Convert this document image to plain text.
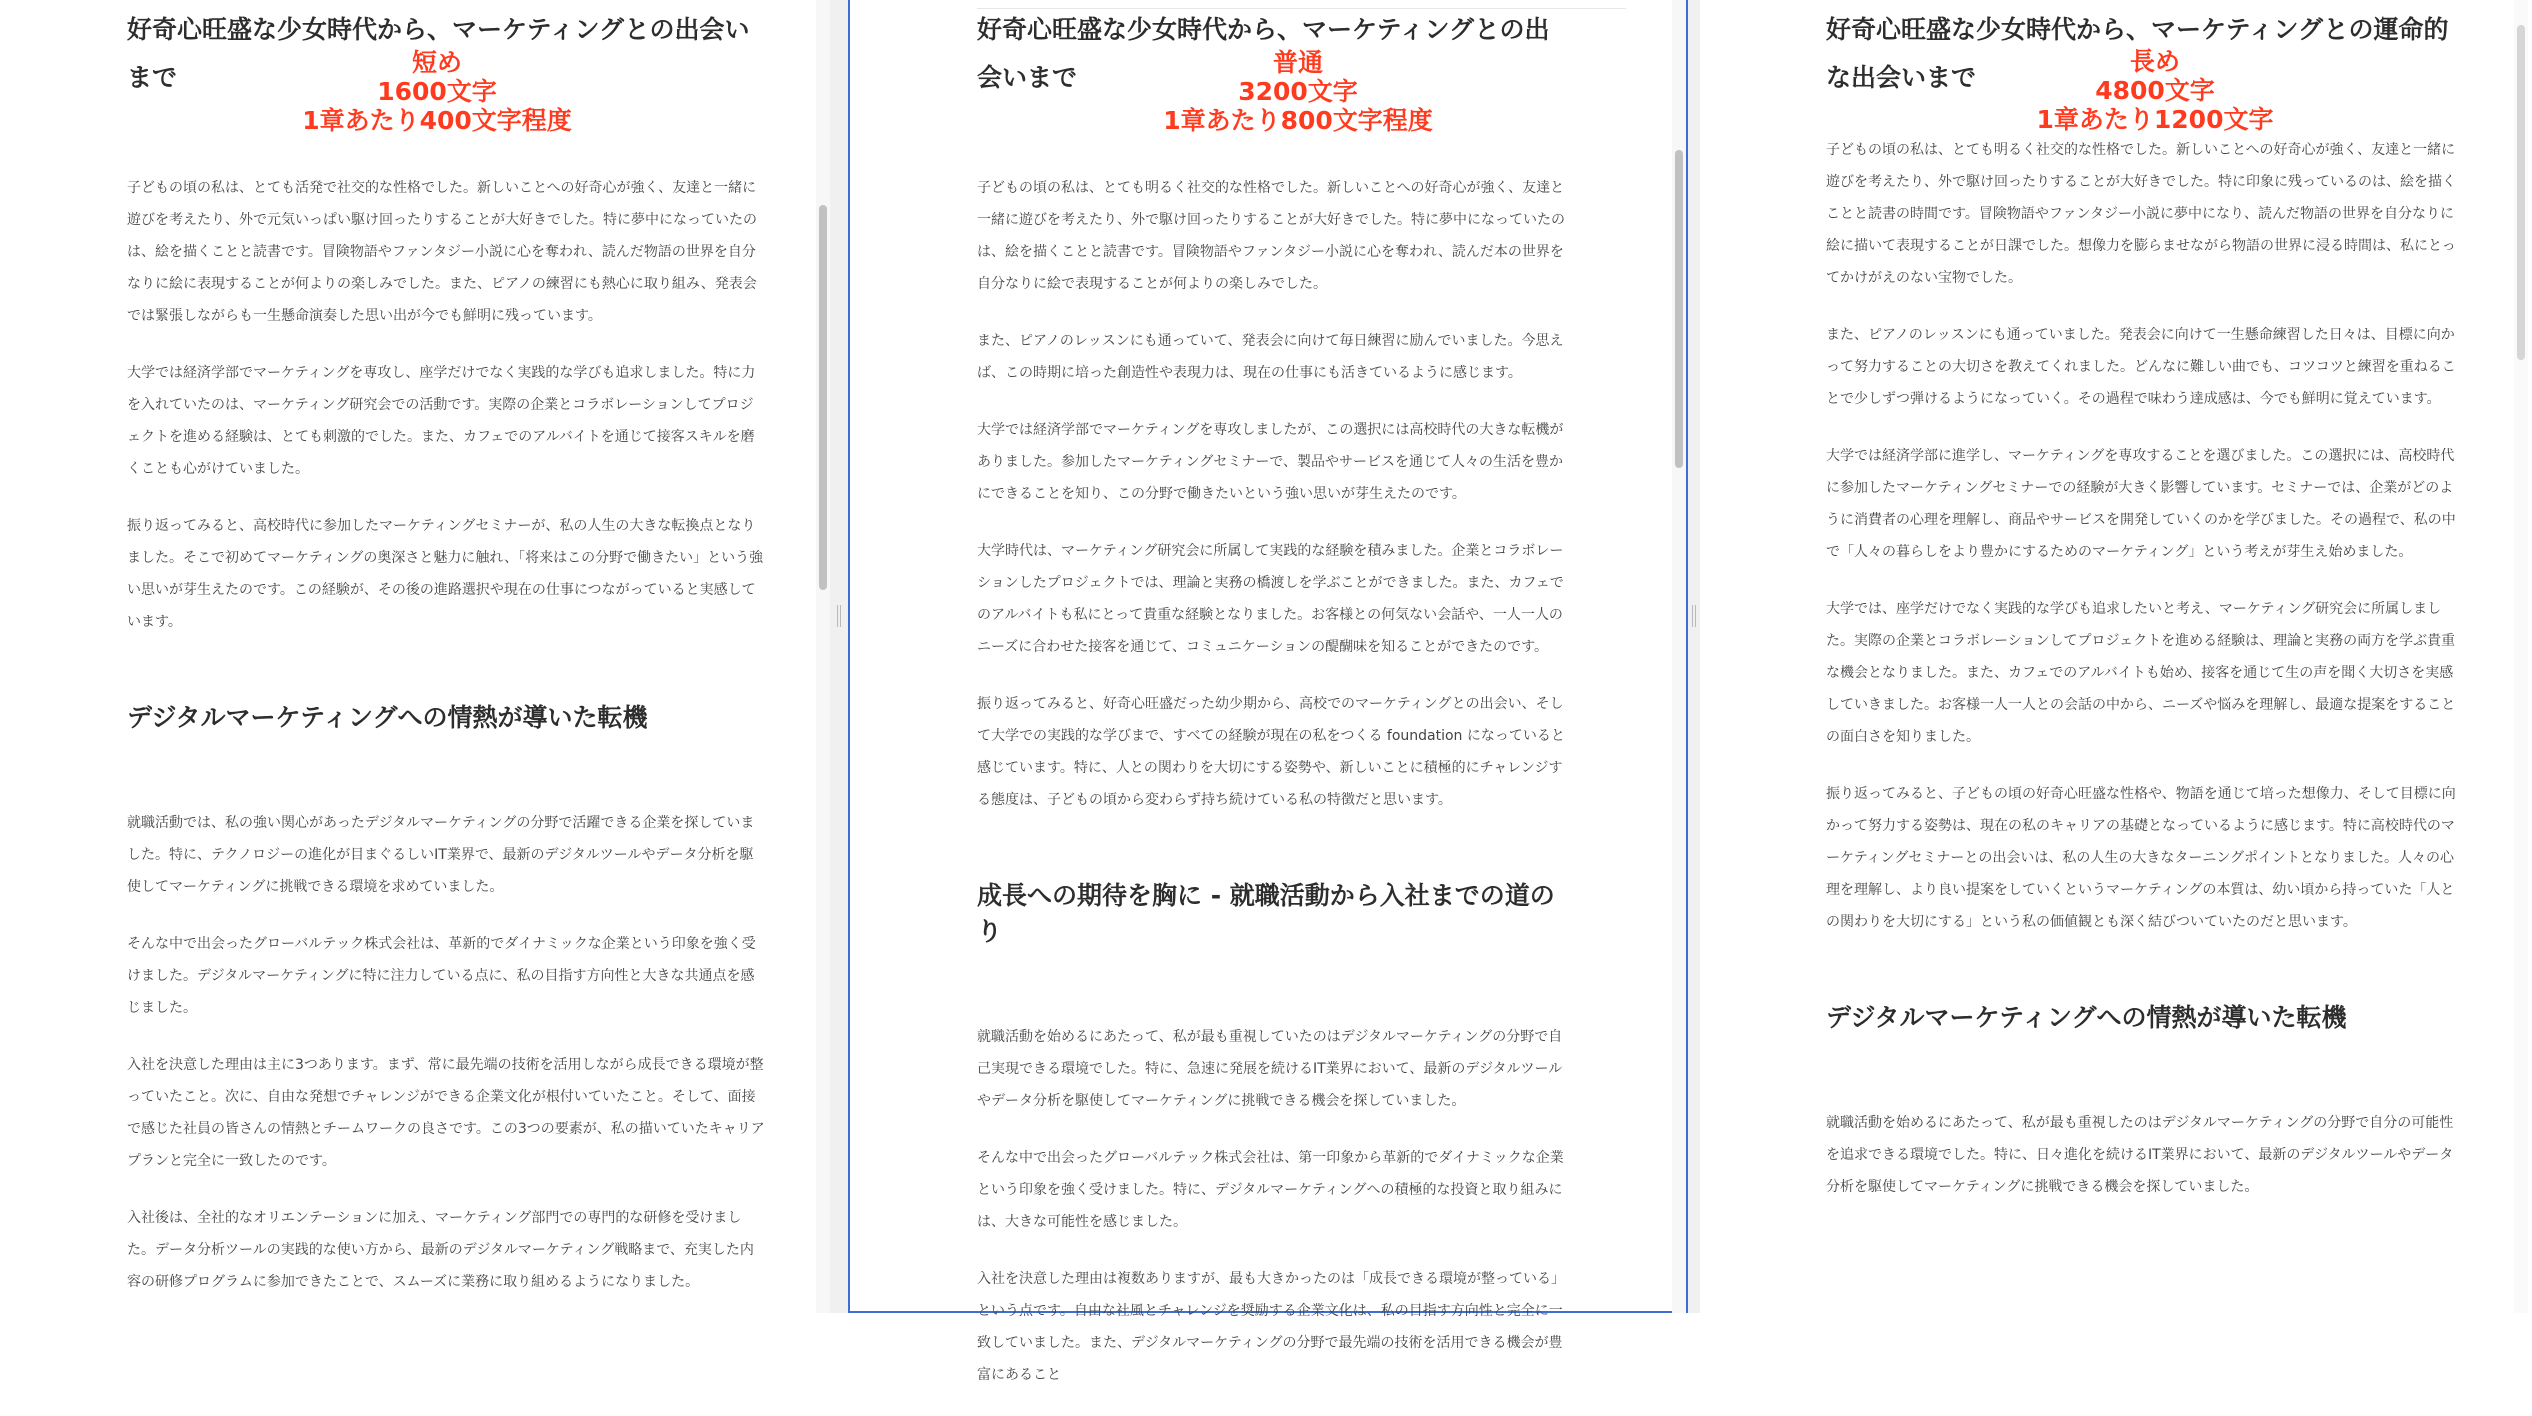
好奇心旺盛な少女時代から、マーケティングとの出会いまで

子どもの頃の私は、とても活発で社交的な性格でした。新しいことへの好奇心が強く、友達と一緒に遊びを考えたり、外で元気いっぱい駆け回ったりすることが大好きでした。特に夢中になっていたのは、絵を描くことと読書です。冒険物語やファンタジー小説に心を奪われ、読んだ物語の世界を自分なりに絵に表現することが何よりの楽しみでした。また、ピアノの練習にも熱心に取り組み、発表会では緊張しながらも一生懸命演奏した思い出が今でも鮮明に残っています。

大学では経済学部でマーケティングを専攻し、座学だけでなく実践的な学びも追求しました。特に力を入れていたのは、マーケティング研究会での活動です。実際の企業とコラボレーションしてプロジェクトを進める経験は、とても刺激的でした。また、カフェでのアルバイトを通じて接客スキルを磨くことも心がけていました。

振り返ってみると、高校時代に参加したマーケティングセミナーが、私の人生の大きな転換点となりました。そこで初めてマーケティングの奥深さと魅力に触れ、「将来はこの分野で働きたい」という強い思いが芽生えたのです。この経験が、その後の進路選択や現在の仕事につながっていると実感しています。

デジタルマーケティングへの情熱が導いた転機

就職活動では、私の強い関心があったデジタルマーケティングの分野で活躍できる企業を探していました。特に、テクノロジーの進化が目まぐるしいIT業界で、最新のデジタルツールやデータ分析を駆使してマーケティングに挑戦できる環境を求めていました。

そんな中で出会ったグローバルテック株式会社は、革新的でダイナミックな企業という印象を強く受けました。デジタルマーケティングに特に注力している点に、私の目指す方向性と大きな共通点を感じました。

入社を決意した理由は主に3つあります。まず、常に最先端の技術を活用しながら成長できる環境が整っていたこと。次に、自由な発想でチャレンジができる企業文化が根付いていたこと。そして、面接で感じた社員の皆さんの情熱とチームワークの良さです。この3つの要素が、私の描いていたキャリアプランと完全に一致したのです。

入社後は、全社的なオリエンテーションに加え、マーケティング部門での専門的な研修を受けました。データ分析ツールの実践的な使い方から、最新のデジタルマーケティング戦略まで、充実した内容の研修プログラムに参加できたことで、スムーズに業務に取り組めるようになりました。

短め
1600文字
1章あたり400文字程度
好奇心旺盛な少女時代から、マーケティングとの出会いまで

子どもの頃の私は、とても明るく社交的な性格でした。新しいことへの好奇心が強く、友達と一緒に遊びを考えたり、外で駆け回ったりすることが大好きでした。特に夢中になっていたのは、絵を描くことと読書です。冒険物語やファンタジー小説に心を奪われ、読んだ本の世界を自分なりに絵で表現することが何よりの楽しみでした。

また、ピアノのレッスンにも通っていて、発表会に向けて毎日練習に励んでいました。今思えば、この時期に培った創造性や表現力は、現在の仕事にも活きているように感じます。

大学では経済学部でマーケティングを専攻しましたが、この選択には高校時代の大きな転機がありました。参加したマーケティングセミナーで、製品やサービスを通じて人々の生活を豊かにできることを知り、この分野で働きたいという強い思いが芽生えたのです。

大学時代は、マーケティング研究会に所属して実践的な経験を積みました。企業とコラボレーションしたプロジェクトでは、理論と実務の橋渡しを学ぶことができました。また、カフェでのアルバイトも私にとって貴重な経験となりました。お客様との何気ない会話や、一人一人のニーズに合わせた接客を通じて、コミュニケーションの醍醐味を知ることができたのです。

振り返ってみると、好奇心旺盛だった幼少期から、高校でのマーケティングとの出会い、そして大学での実践的な学びまで、すべての経験が現在の私をつくる foundation になっていると感じています。特に、人との関わりを大切にする姿勢や、新しいことに積極的にチャレンジする態度は、子どもの頃から変わらず持ち続けている私の特徴だと思います。

成長への期待を胸に - 就職活動から入社までの道のり

就職活動を始めるにあたって、私が最も重視していたのはデジタルマーケティングの分野で自己実現できる環境でした。特に、急速に発展を続けるIT業界において、最新のデジタルツールやデータ分析を駆使してマーケティングに挑戦できる機会を探していました。

そんな中で出会ったグローバルテック株式会社は、第一印象から革新的でダイナミックな企業という印象を強く受けました。特に、デジタルマーケティングへの積極的な投資と取り組みには、大きな可能性を感じました。

入社を決意した理由は複数ありますが、最も大きかったのは「成長できる環境が整っている」という点です。自由な社風とチャレンジを奨励する企業文化は、私の目指す方向性と完全に一致していました。また、デジタルマーケティングの分野で最先端の技術を活用できる機会が豊富にあること

普通
3200文字
1章あたり800文字程度
好奇心旺盛な少女時代から、マーケティングとの運命的な出会いまで

子どもの頃の私は、とても明るく社交的な性格でした。新しいことへの好奇心が強く、友達と一緒に遊びを考えたり、外で駆け回ったりすることが大好きでした。特に印象に残っているのは、絵を描くことと読書の時間です。冒険物語やファンタジー小説に夢中になり、読んだ物語の世界を自分なりに絵に描いて表現することが日課でした。想像力を膨らませながら物語の世界に浸る時間は、私にとってかけがえのない宝物でした。

また、ピアノのレッスンにも通っていました。発表会に向けて一生懸命練習した日々は、目標に向かって努力することの大切さを教えてくれました。どんなに難しい曲でも、コツコツと練習を重ねることで少しずつ弾けるようになっていく。その過程で味わう達成感は、今でも鮮明に覚えています。

大学では経済学部に進学し、マーケティングを専攻することを選びました。この選択には、高校時代に参加したマーケティングセミナーでの経験が大きく影響しています。セミナーでは、企業がどのように消費者の心理を理解し、商品やサービスを開発していくのかを学びました。その過程で、私の中で「人々の暮らしをより豊かにするためのマーケティング」という考えが芽生え始めました。

大学では、座学だけでなく実践的な学びも追求したいと考え、マーケティング研究会に所属しました。実際の企業とコラボレーションしてプロジェクトを進める経験は、理論と実務の両方を学ぶ貴重な機会となりました。また、カフェでのアルバイトも始め、接客を通じて生の声を聞く大切さを実感していきました。お客様一人一人との会話の中から、ニーズや悩みを理解し、最適な提案をすることの面白さを知りました。

振り返ってみると、子どもの頃の好奇心旺盛な性格や、物語を通じて培った想像力、そして目標に向かって努力する姿勢は、現在の私のキャリアの基礎となっているように感じます。特に高校時代のマーケティングセミナーとの出会いは、私の人生の大きなターニングポイントとなりました。人々の心理を理解し、より良い提案をしていくというマーケティングの本質は、幼い頃から持っていた「人との関わりを大切にする」という私の価値観とも深く結びついていたのだと思います。

デジタルマーケティングへの情熱が導いた転機

就職活動を始めるにあたって、私が最も重視したのはデジタルマーケティングの分野で自分の可能性を追求できる環境でした。特に、日々進化を続けるIT業界において、最新のデジタルツールやデータ分析を駆使してマーケティングに挑戦できる機会を探していました。

長め
4800文字
1章あたり1200文字
